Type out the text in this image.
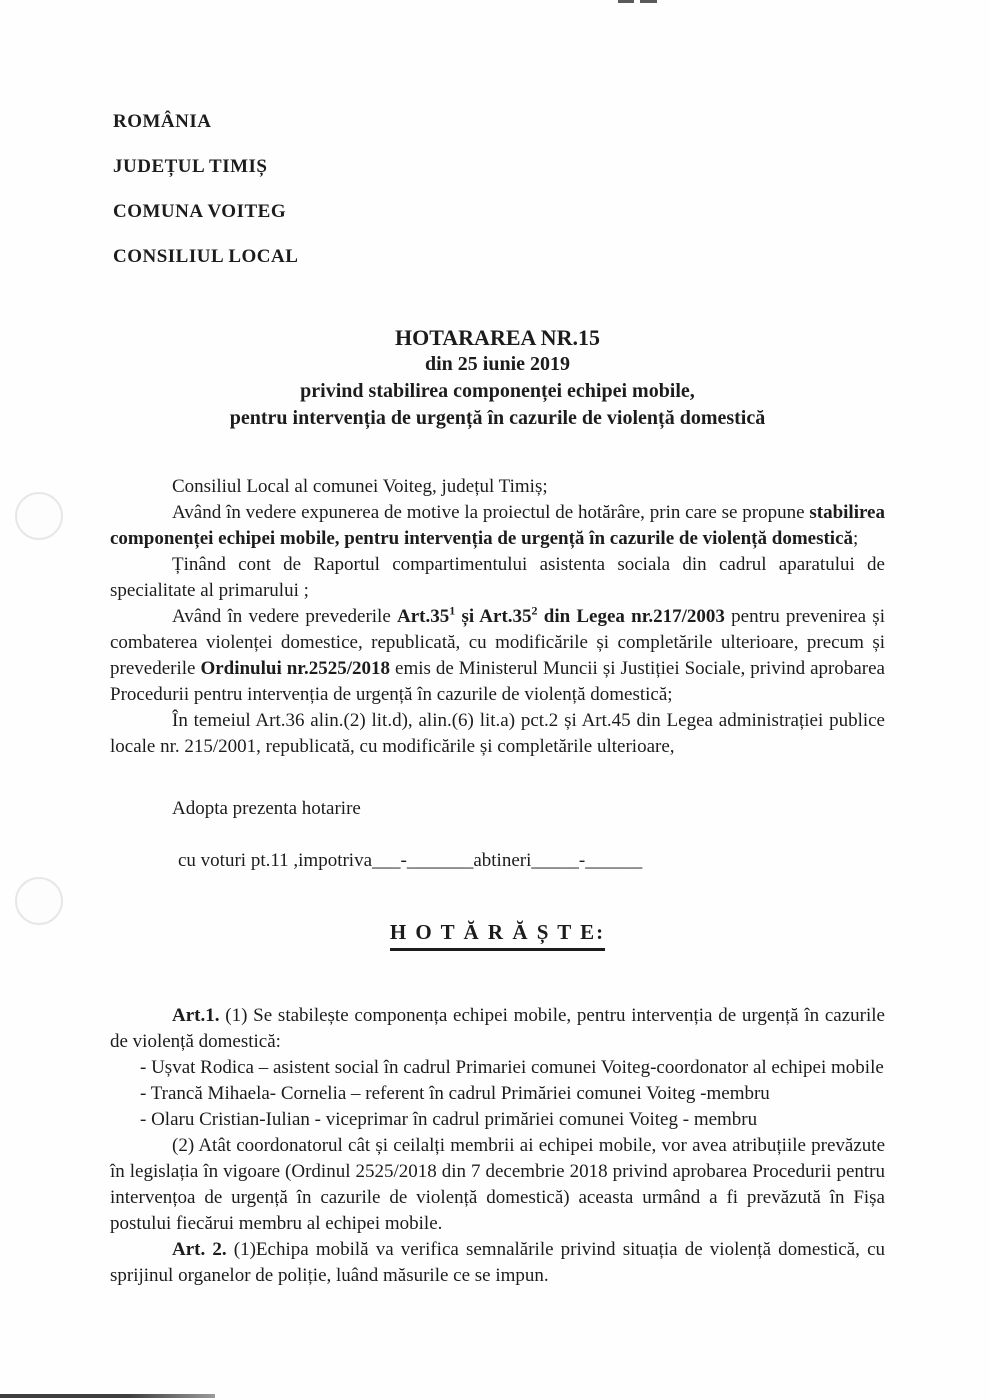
ROMÂNIA

JUDEȚUL TIMIȘ

COMUNA VOITEG

CONSILIUL LOCAL

HOTARAREA NR.15

din 25 iunie 2019

privind stabilirea componenței echipei mobile,

pentru intervenția de urgență în cazurile de violență domestică

Consiliul Local al comunei Voiteg, județul Timiș;

Având în vedere expunerea de motive la proiectul de hotărâre, prin care se propune stabilirea componenței echipei mobile, pentru intervenția de urgență în cazurile de violență domestică;

Ținând cont de Raportul compartimentului asistenta sociala din cadrul aparatului de specialitate al primarului ;

Având în vedere prevederile $Art.35^1$ și $Art.35^2$ din Legea nr.217/2003 pentru prevenirea și combaterea violenței domestice, republicată, cu modificările și completările ulterioare, precum și prevederile Ordinului nr.2525/2018 emis de Ministerul Muncii și Justiției Sociale, privind aprobarea Procedurii pentru intervenția de urgență în cazurile de violență domestică;

În temeiul Art.36 alin.(2) lit.d), alin.(6) lit.a) pct.2 și Art.45 din Legea administrației publice locale nr. 215/2001, republicată, cu modificările și completările ulterioare,

Adopta prezenta hotarire

cu voturi pt.11 ,impotriva___-_______abtineri_____-______

H O T Ă R Ă Ș T E:

Art.1. (1) Se stabilește componența echipei mobile, pentru intervenția de urgență în cazurile de violență domestică:

- Ușvat Rodica – asistent social în cadrul Primariei comunei Voiteg-coordonator al echipei mobile

- Trancă Mihaela- Cornelia – referent în cadrul Primăriei comunei Voiteg -membru

- Olaru Cristian-Iulian - viceprimar în cadrul primăriei comunei Voiteg - membru

(2) Atât coordonatorul cât și ceilalți membrii ai echipei mobile, vor avea atribuțiile prevăzute în legislația în vigoare (Ordinul 2525/2018 din 7 decembrie 2018 privind aprobarea Procedurii pentru intervențoa de urgență în cazurile de violență domestică) aceasta urmând a fi prevăzută în Fișa postului fiecărui membru al echipei mobile.

Art. 2. (1)Echipa mobilă va verifica semnalările privind situația de violență domestică, cu sprijinul organelor de poliție, luând măsurile ce se impun.
